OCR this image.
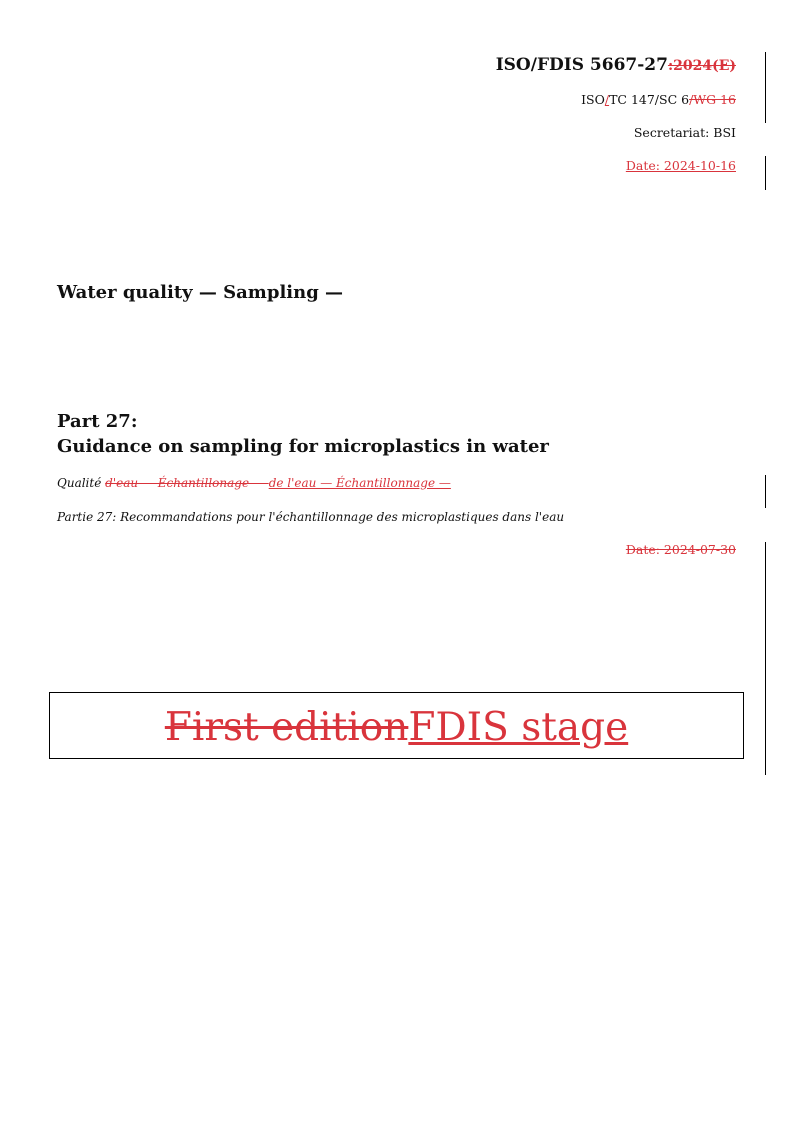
ISO/FDIS 5667-27:2024(E)
ISO/TC 147/SC 6/WG 16
Secretariat: BSI
Date: 2024-10-16
Water quality — Sampling —
Part 27:
Guidance on sampling for microplastics in water
Qualité d'eau — Échantillonage — de l'eau — Échantillonnage —
Partie 27: Recommandations pour l'échantillonnage des microplastiques dans l'eau
Date: 2024-07-30
First editionFDIS stage
